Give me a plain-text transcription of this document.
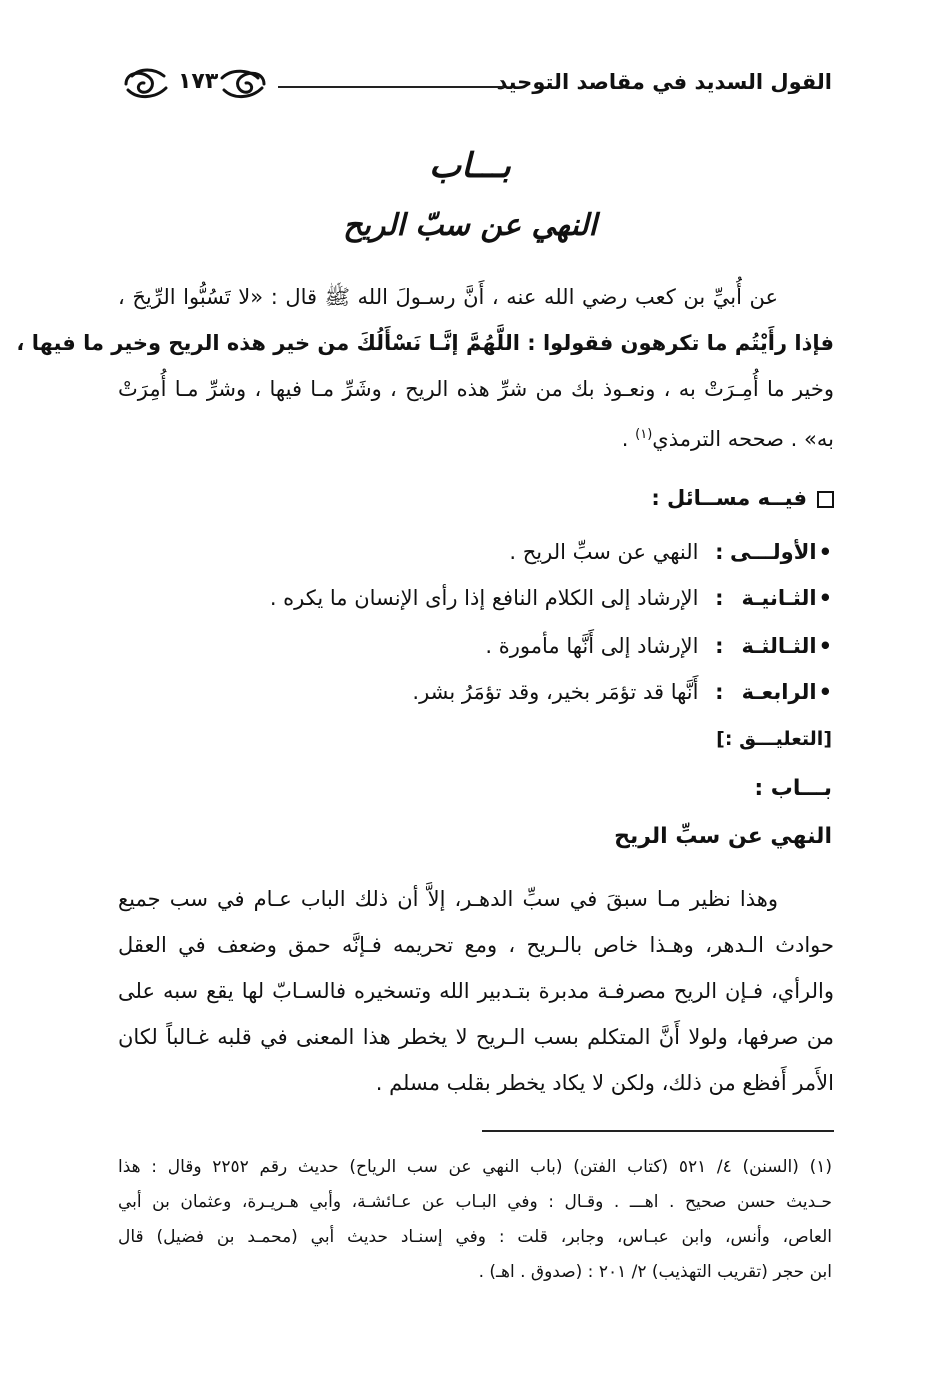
القول السديد في مقاصد التوحيد
١٧٣
بـــاب
النهي عن سبّ الريح
عن أُبيِّ بن كعب رضي الله عنه ، أَنَّ رسـولَ الله ﷺ قال : «لا تَسُبُّوا الرِّيحَ ،
فإذا رأَيْتُم ما تكرهون فقولوا : اللَّهُمَّ إنَّـا نَسْأَلُكَ من خير هذه الريح وخير ما فيها ،
وخير ما أُمِـرَتْ به ، ونعـوذ بك من شرِّ هذه الريح ، وشَرِّ مـا فيها ، وشرِّ مـا أُمِرَتْ
به» . صححه الترمذي$^{(١)}$ .
فيــه مســائل :
•الأولـــى: النهي عن سبِّ الريح .
•الثـانيـة: الإرشاد إلى الكلام النافع إذا رأى الإنسان ما يكره .
•الثـالثـة: الإرشاد إلى أَنَّها مأمورة .
•الرابعـة: أَنَّها قد تؤمَر بخير، وقد تؤمَرُ بشر.
[التعليـــق :]
بـــاب :
النهي عن سبِّ الريح
وهذا نظير مـا سبقَ في سبِّ الدهـر، إلاَّ أن ذلك الباب عـام في سب جميع
حوادث الـدهر، وهـذا خاص بالـريح ، ومع تحريمه فـإنَّه حمق وضعف في العقل
والرأي، فـإن الريح مصرفـة مدبرة بتـدبير الله وتسخيره فالسـابّ لها يقع سبه على
من صرفها، ولولا أَنَّ المتكلم بسب الـريح لا يخطر هذا المعنى في قلبه غـالباً لكان
الأَمر أَفظع من ذلك، ولكن لا يكاد يخطر بقلب مسلم .
(١) (السنن) ٤/ ٥٢١ (كتاب الفتن) (باب النهي عن سب الرياح) حديث رقم ٢٢٥٢ وقال : هذا
حـديث حسن صحيح . اهـــ . وقـال : وفي البـاب عن عـائشـة، وأبي هـريـرة، وعثمان بن أبي
العاص، وأنس، وابن عبـاس، وجابر، قلت : وفي إسنـاد حديث أبي (محمـد بن فضيل) قال
ابن حجر (تقريب التهذيب) ٢/ ٢٠١ : (صدوق . اهـ) .
